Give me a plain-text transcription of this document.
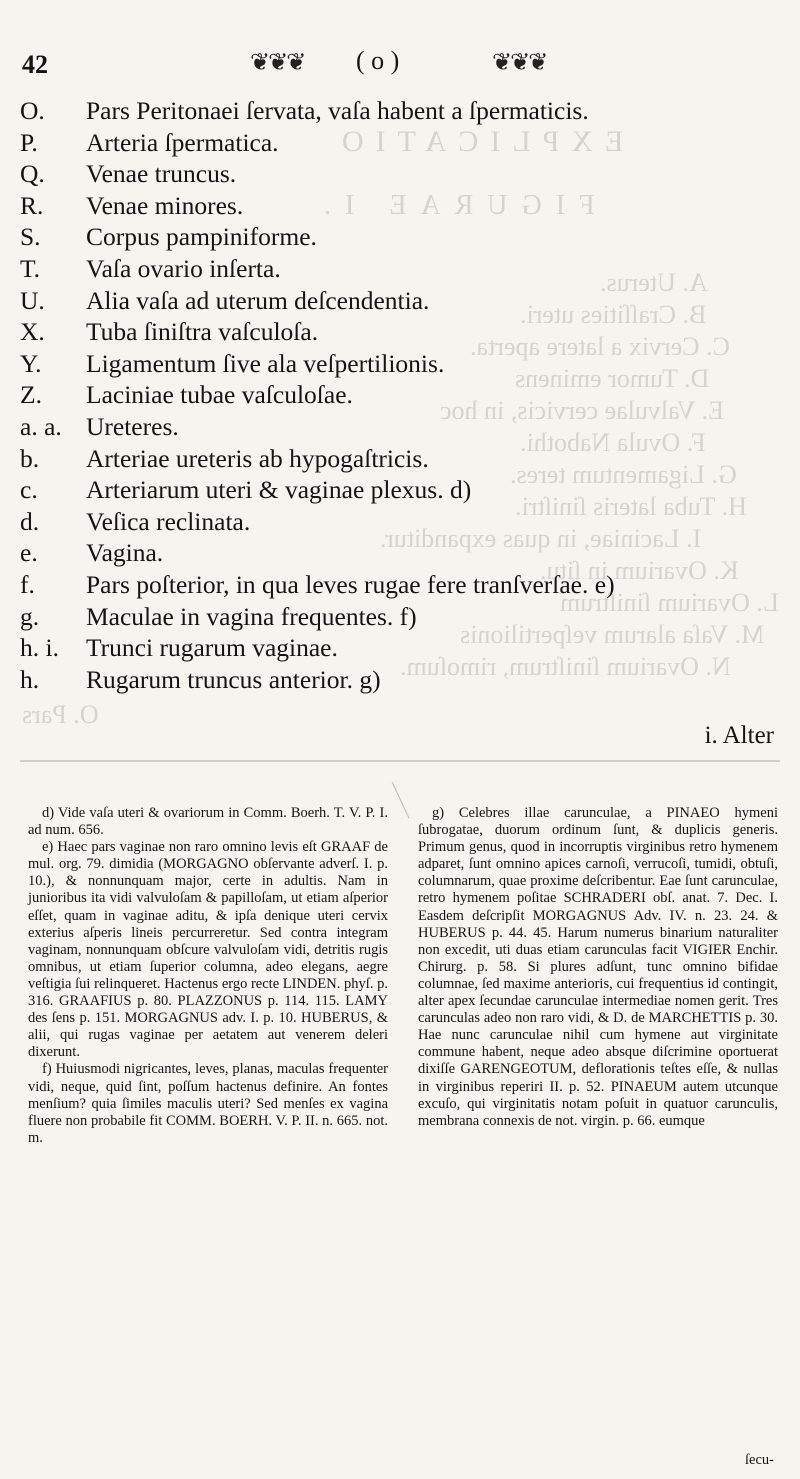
EXPLICATIO
FIGURAE I.
A. Uterus.
B. Craſſities uteri.
C. Cervix a latere aperta.
D. Tumor eminens
E. Valvulae cervicis, in hoc
F. Ovula Nabothi.
G. Ligamentum teres.
H. Tuba lateris ſiniſtri.
I. Laciniae, in quas expanditur.
K. Ovarium in ſitu.
L. Ovarium ſiniſtrum
M. Vaſa alarum veſpertilionis
N. Ovarium ſiniſtrum, rimoſum.
O. Pars
42	❦❦❦ ( o )	❦❦❦
O. Pars Peritonaei ſervata, vaſa habent a ſpermaticis.
P. Arteria ſpermatica.
Q. Venae truncus.
R. Venae minores.
S. Corpus pampiniforme.
T. Vaſa ovario inſerta.
U. Alia vaſa ad uterum deſcendentia.
X. Tuba ſiniſtra vaſculoſa.
Y. Ligamentum ſive ala veſpertilionis.
Z. Laciniae tubae vaſculoſae.
a. a. Ureteres.
b. Arteriae ureteris ab hypogaſtricis.
c. Arteriarum uteri & vaginae plexus. d)
d. Veſica reclinata.
e. Vagina.
f. Pars poſterior, in qua leves rugae fere tranſverſae. e)
g. Maculae in vagina frequentes. f)
h. i. Trunci rugarum vaginae.
h. Rugarum truncus anterior. g)
i. Alter

d) Vide vaſa uteri & ovariorum in Comm. Boerh. T. V. P. I. ad num. 656.

e) Haec pars vaginae non raro omnino levis eſt GRAAF de mul. org. 79. dimidia (MORGAGNO obſervante adverſ. I. p. 10.), & nonnunquam major, certe in adultis. Nam in junioribus ita vidi valvuloſam & papilloſam, ut etiam aſperior eſſet, quam in vaginae aditu, & ipſa denique uteri cervix exterius aſperis lineis percurreretur. Sed contra integram vaginam, nonnunquam obſcure valvuloſam vidi, detritis rugis omnibus, ut etiam ſuperior columna, adeo elegans, aegre veſtigia ſui relinqueret. Hactenus ergo recte LINDEN. phyſ. p. 316. GRAAFIUS p. 80. PLAZZONUS p. 114. 115. LAMY des ſens p. 151. MORGAGNUS adv. I. p. 10. HUBERUS, & alii, qui rugas vaginae per aetatem aut venerem deleri dixerunt.

f) Huiusmodi nigricantes, leves, planas, maculas frequenter vidi, neque, quid ſint, poſſum hactenus definire. An fontes menſium? quia ſimiles maculis uteri? Sed menſes ex vagina fluere non probabile fit COMM. BOERH. V. P. II. n. 665. not. m.

g) Celebres illae carunculae, a PINAEO hymeni ſubrogatae, duorum ordinum ſunt, & duplicis generis. Primum genus, quod in incorruptis virginibus retro hymenem adparet, ſunt omnino apices carnoſi, verrucoſi, tumidi, obtuſi, columnarum, quae proxime deſcribentur. Eae ſunt carunculae, retro hymenem poſitae SCHRADERI obſ. anat. 7. Dec. I. Easdem deſcripſit MORGAGNUS Adv. IV. n. 23. 24. & HUBERUS p. 44. 45. Harum numerus binarium naturaliter non excedit, uti duas etiam carunculas facit VIGIER Enchir. Chirurg. p. 58. Si plures adſunt, tunc omnino bifidae columnae, ſed maxime anterioris, cui frequentius id contingit, alter apex ſecundae carunculae intermediae nomen gerit. Tres carunculas adeo non raro vidi, & D. de MARCHETTIS p. 30. Hae nunc carunculae nihil cum hymene aut virginitate commune habent, neque adeo absque diſcrimine oportuerat dixiſſe GARENGEOTUM, deflorationis teſtes eſſe, & nullas in virginibus reperiri II. p. 52. PINAEUM autem utcunque excuſo, qui virginitatis notam poſuit in quatuor carunculis, membrana connexis de not. virgin. p. 66. eumque

ſecu-
